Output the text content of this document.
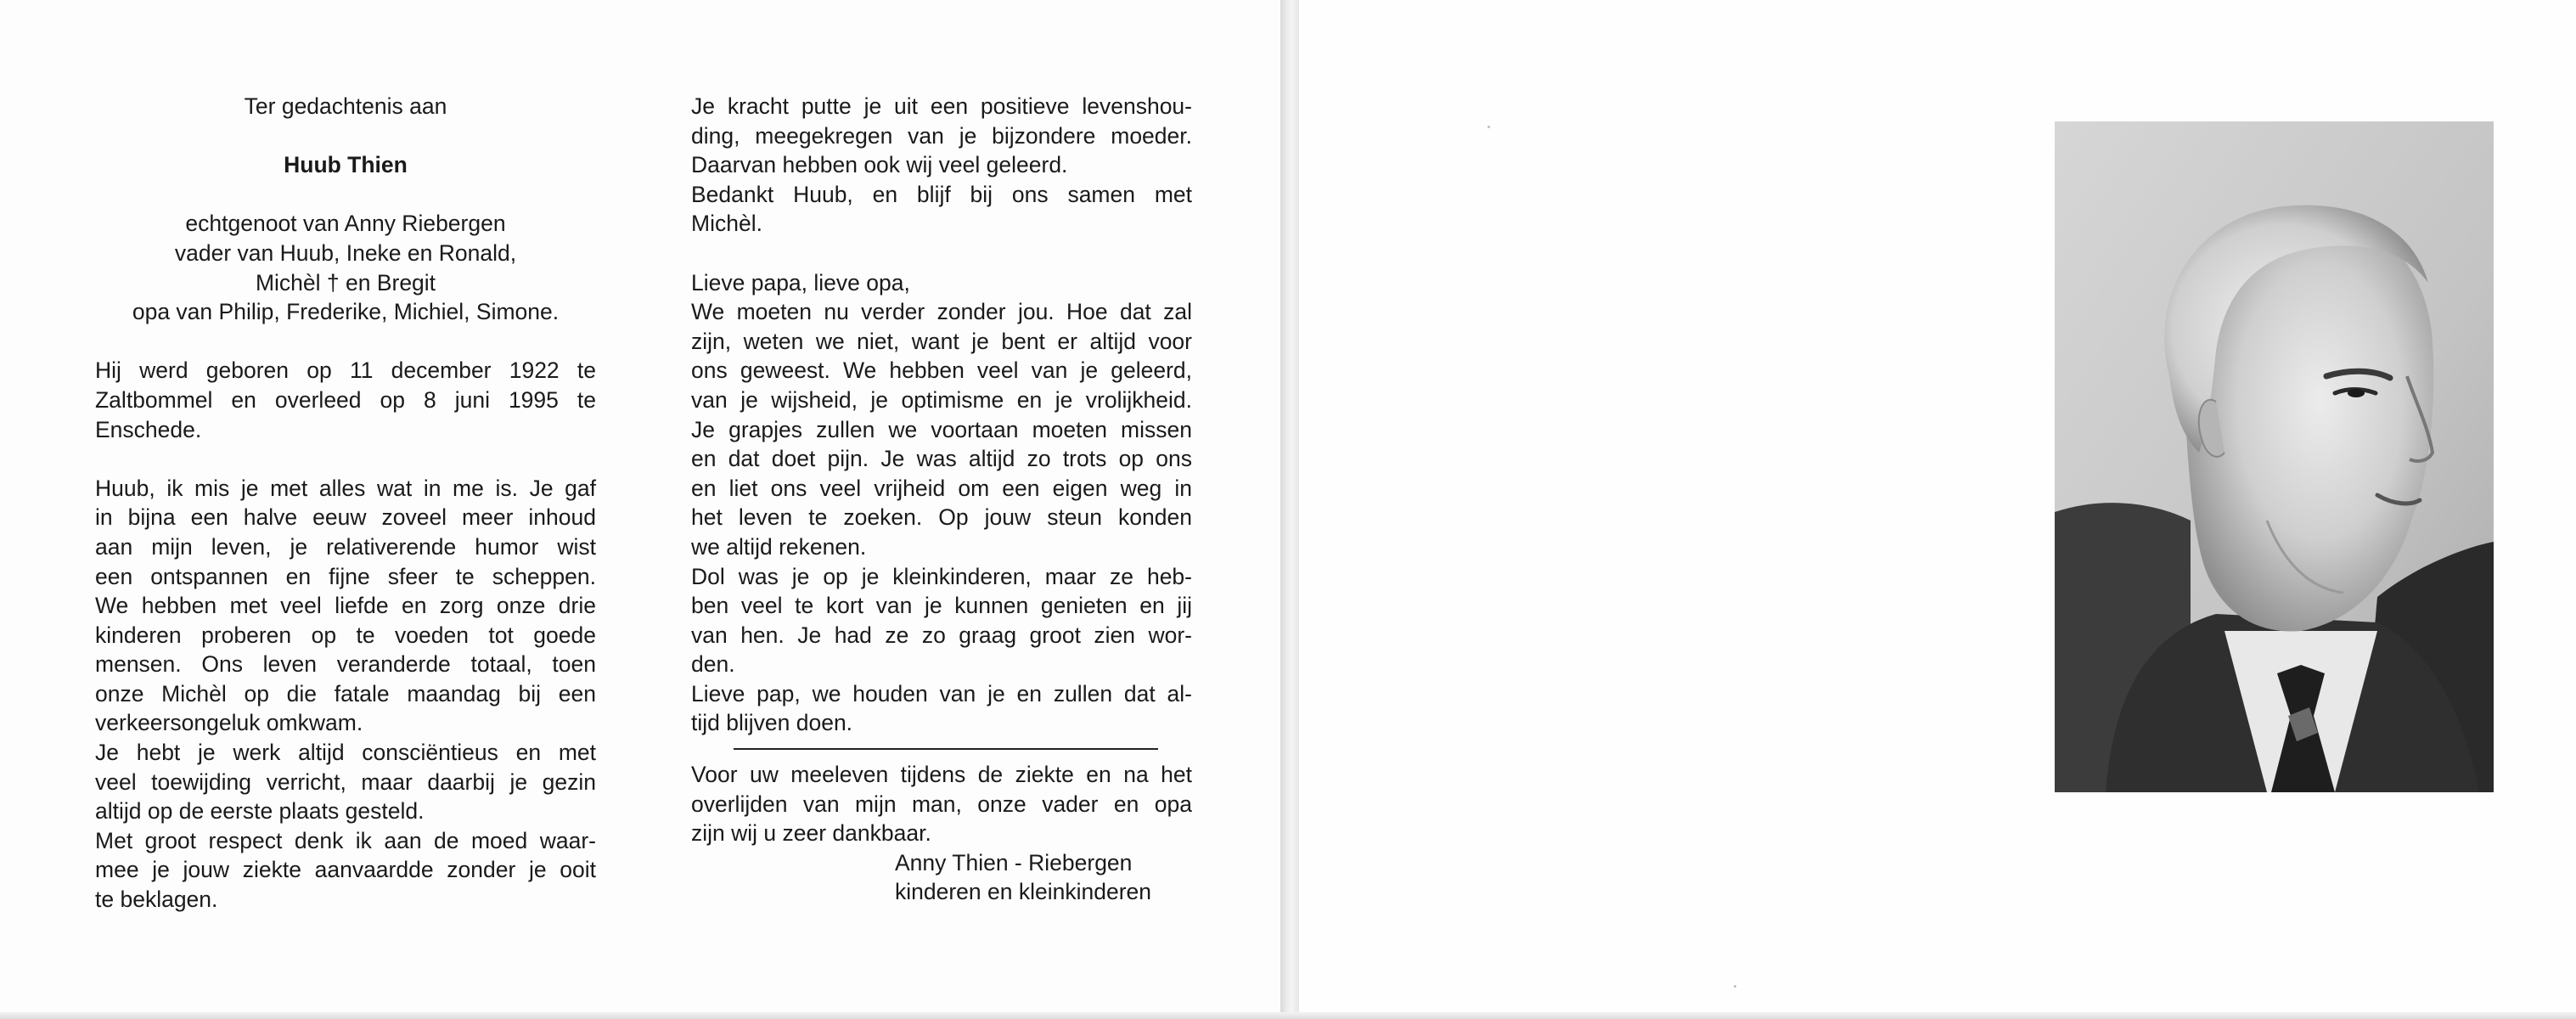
Ter gedachtenis aan
Huub Thien
echtgenoot van Anny Riebergen
vader van Huub, Ineke en Ronald,
Michèl † en Bregit
opa van Philip, Frederike, Michiel, Simone.
Hij werd geboren op 11 december 1922 te
Zaltbommel en overleed op 8 juni 1995 te
Enschede.
Huub, ik mis je met alles wat in me is. Je gaf
in bijna een halve eeuw zoveel meer inhoud
aan mijn leven, je relativerende humor wist
een ontspannen en fijne sfeer te scheppen.
We hebben met veel liefde en zorg onze drie
kinderen proberen op te voeden tot goede
mensen. Ons leven veranderde totaal, toen
onze Michèl op die fatale maandag bij een
verkeersongeluk omkwam.
Je hebt je werk altijd consciëntieus en met
veel toewijding verricht, maar daarbij je gezin
altijd op de eerste plaats gesteld.
Met groot respect denk ik aan de moed waar-
mee je jouw ziekte aanvaardde zonder je ooit
te beklagen.
Je kracht putte je uit een positieve levenshou-
ding, meegekregen van je bijzondere moeder.
Daarvan hebben ook wij veel geleerd.
Bedankt Huub, en blijf bij ons samen met
Michèl.
Lieve papa, lieve opa,
We moeten nu verder zonder jou. Hoe dat zal
zijn, weten we niet, want je bent er altijd voor
ons geweest. We hebben veel van je geleerd,
van je wijsheid, je optimisme en je vrolijkheid.
Je grapjes zullen we voortaan moeten missen
en dat doet pijn. Je was altijd zo trots op ons
en liet ons veel vrijheid om een eigen weg in
het leven te zoeken. Op jouw steun konden
we altijd rekenen.
Dol was je op je kleinkinderen, maar ze heb-
ben veel te kort van je kunnen genieten en jij
van hen. Je had ze zo graag groot zien wor-
den.
Lieve pap, we houden van je en zullen dat al-
tijd blijven doen.
Voor uw meeleven tijdens de ziekte en na het
overlijden van mijn man, onze vader en opa
zijn wij u zeer dankbaar.
Anny Thien - Riebergen
kinderen en kleinkinderen
